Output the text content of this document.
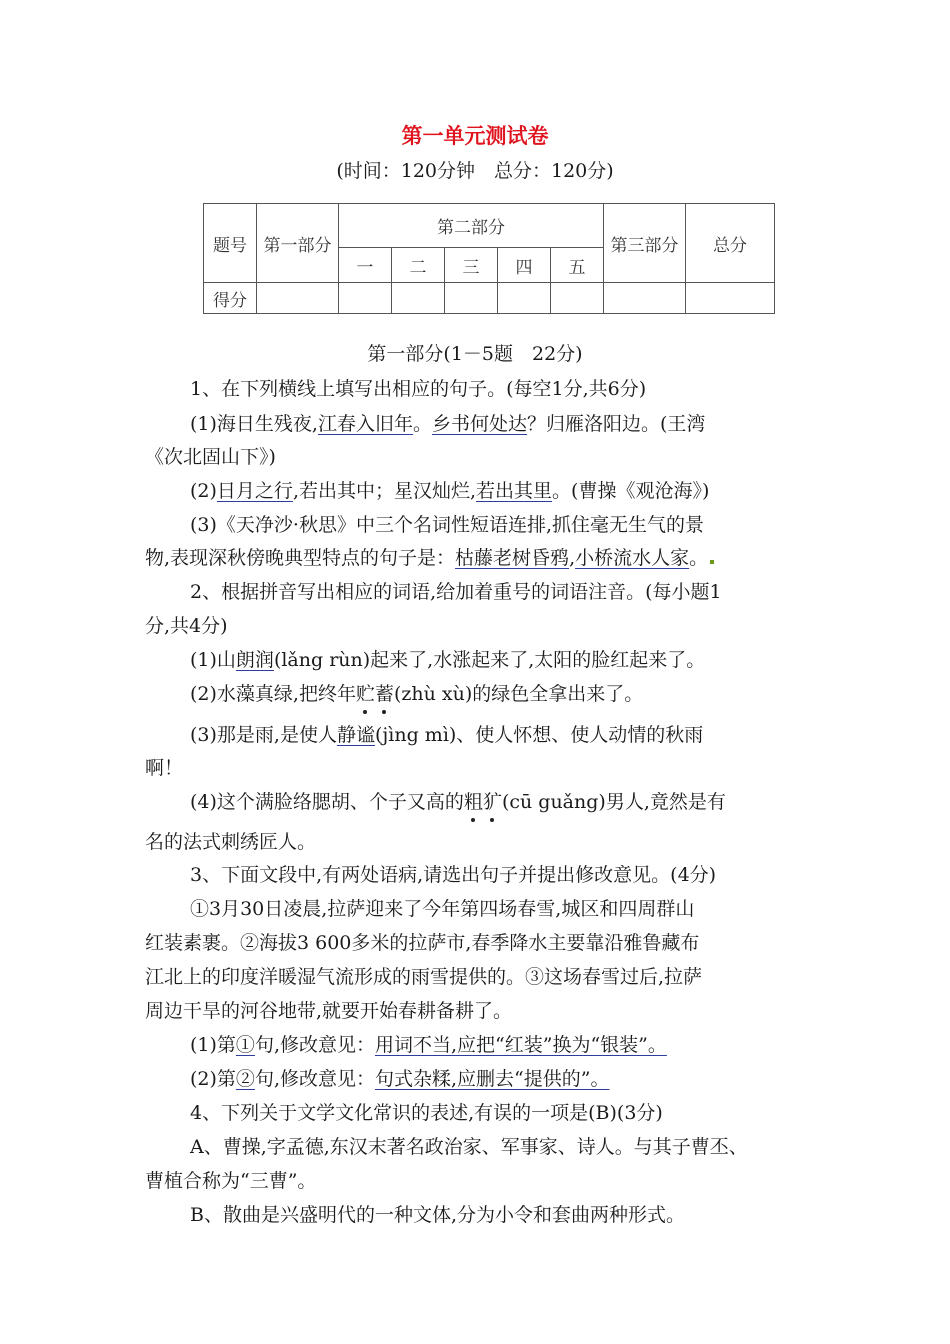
第一单元测试卷
(时间：120分钟　总分：120分)
题号	第一部分	第二部分					第三部分	总分
		一	二	三	四	五		
得分								
第一部分(1－5题　22分)
1、在下列横线上填写出相应的句子。(每空1分,共6分)
(1)海日生残夜,江春入旧年。乡书何处达？归雁洛阳边。(王湾
《次北固山下》)
(2)日月之行,若出其中；星汉灿烂,若出其里。(曹操《观沧海》)
(3)《天净沙·秋思》中三个名词性短语连排,抓住毫无生气的景
物,表现深秋傍晚典型特点的句子是：枯藤老树昏鸦,小桥流水人家。
2、根据拼音写出相应的词语,给加着重号的词语注音。(每小题1
分,共4分)
(1)山朗润(lǎng rùn)起来了,水涨起来了,太阳的脸红起来了。
(2)水藻真绿,把终年贮蓄(zhù xù)的绿色全拿出来了。
(3)那是雨,是使人静谧(jìng mì)、使人怀想、使人动情的秋雨
啊！
(4)这个满脸络腮胡、个子又高的粗犷(cū guǎng)男人,竟然是有
名的法式刺绣匠人。
3、下面文段中,有两处语病,请选出句子并提出修改意见。(4分)
①3月30日凌晨,拉萨迎来了今年第四场春雪,城区和四周群山
红装素裹。②海拔3 600多米的拉萨市,春季降水主要靠沿雅鲁藏布
江北上的印度洋暖湿气流形成的雨雪提供的。③这场春雪过后,拉萨
周边干旱的河谷地带,就要开始春耕备耕了。
(1)第①句,修改意见：用词不当,应把“红装”换为“银装”。
(2)第②句,修改意见：句式杂糅,应删去“提供的”。
4、下列关于文学文化常识的表述,有误的一项是(B)(3分)
A、曹操,字孟德,东汉末著名政治家、军事家、诗人。与其子曹丕、
曹植合称为“三曹”。
B、散曲是兴盛明代的一种文体,分为小令和套曲两种形式。
